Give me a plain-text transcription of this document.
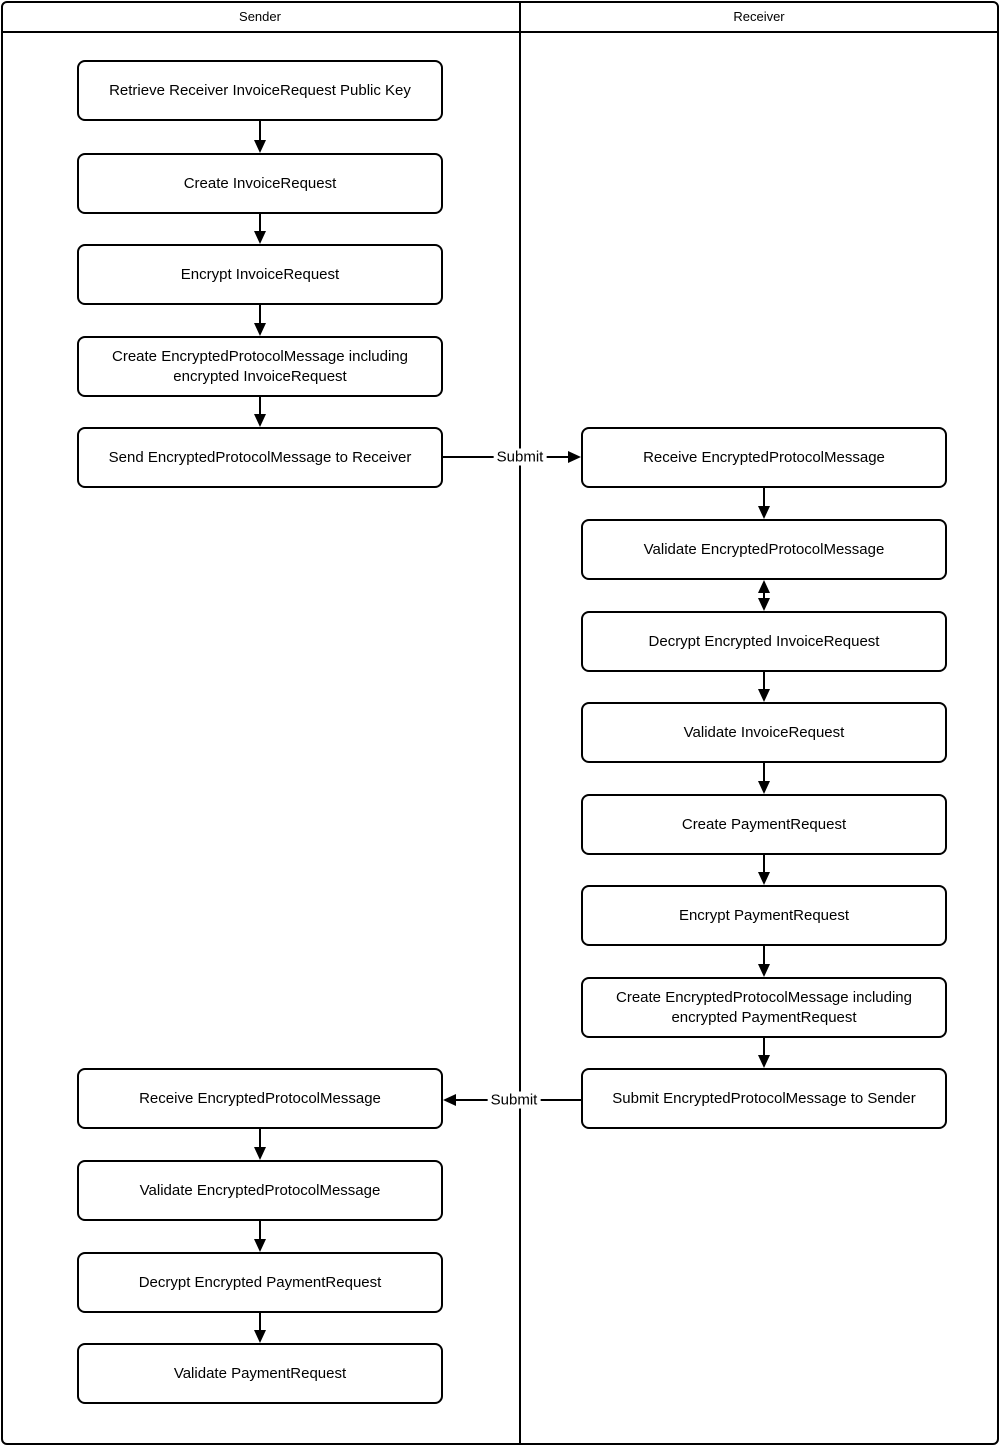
Sender	Receiver
Retrieve Receiver InvoiceRequest Public Key
Create InvoiceRequest
Encrypt InvoiceRequest
Create EncryptedProtocolMessage including encrypted InvoiceRequest
Send EncryptedProtocolMessage to Receiver	Submit	Receive EncryptedProtocolMessage
Validate EncryptedProtocolMessage
Decrypt Encrypted InvoiceRequest
Validate InvoiceRequest
Create PaymentRequest
Encrypt PaymentRequest
Create EncryptedProtocolMessage including encrypted PaymentRequest
Submit EncryptedProtocolMessage to Sender
Submit
Receive EncryptedProtocolMessage
Validate EncryptedProtocolMessage
Decrypt Encrypted PaymentRequest
Validate PaymentRequest
